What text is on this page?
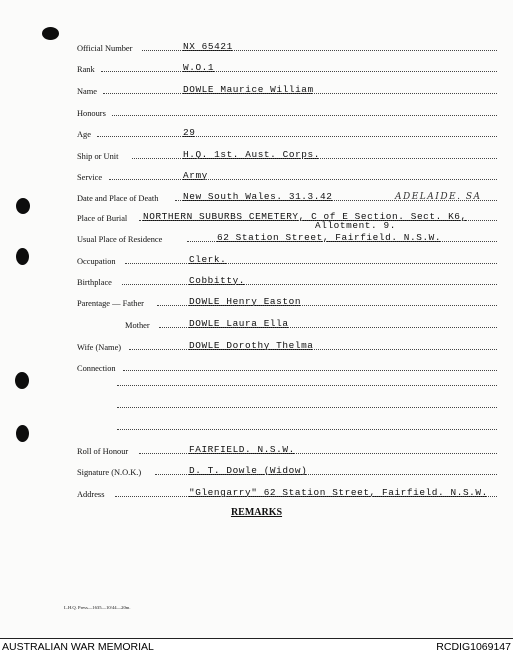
Official Number	NX 65421
Rank	W.O.1
Name	DOWLE Maurice William
Honours
Age	29
Ship or Unit	H.Q. 1st. Aust. Corps.
Service	Army
Date and Place of Death	New South Wales. 31.3.42	ADELAIDE. SA
Place of Burial NORTHERN SUBURBS CEMETERY, C of E Section. Sect. K6,
Allotment. 9.
Usual Place of Residence	62 Station Street, Fairfield. N.S.W.
Occupation	Clerk.
Birthplace	Cobbitty.
Parentage — Father	DOWLE Henry Easton
Mother	DOWLE Laura Ella
Wife (Name)	DOWLE Dorothy Thelma
Connection
Roll of Honour	FAIRFIELD. N.S.W.
Signature (N.O.K.)	D. T. Dowle (Widow)
Address	"Glengarry" 62 Station Street, Fairfield. N.S.W.
REMARKS
L.H.Q. Press—1635—10/44—20m.
AUSTRALIAN WAR MEMORIAL	RCDIG1069147
